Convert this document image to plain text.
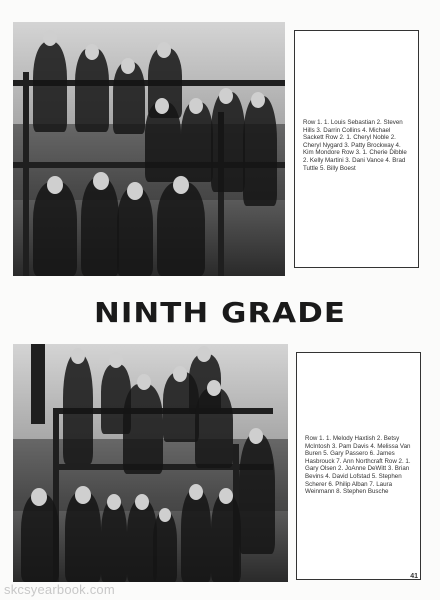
Row 1. 1. Louis Sebastian 2. Steven Hills 3. Darrin Collins 4. Michael Sackett Row 2. 1. Cheryl Noble 2. Cheryl Nygard 3. Patty Brockway 4. Kim Mondore Row 3. 1. Cherie Dibble 2. Kelly Martini 3. Dani Vance 4. Brad Tuttle 5. Billy Boest

NINTH GRADE

Row 1. 1. Melody Haxtish 2. Betsy McIntosh 3. Pam Davis 4. Melissa Van Buren 5. Gary Passero 6. James Hasbrouck 7. Ann Northcraft Row 2. 1. Gary Olsen 2. JoAnne DeWitt 3. Brian Bevins 4. David Lofstad 5. Stephen Scherer 6. Philip Alban 7. Laura Weinmann 8. Stephen Busche

41
skcsyearbook.com
